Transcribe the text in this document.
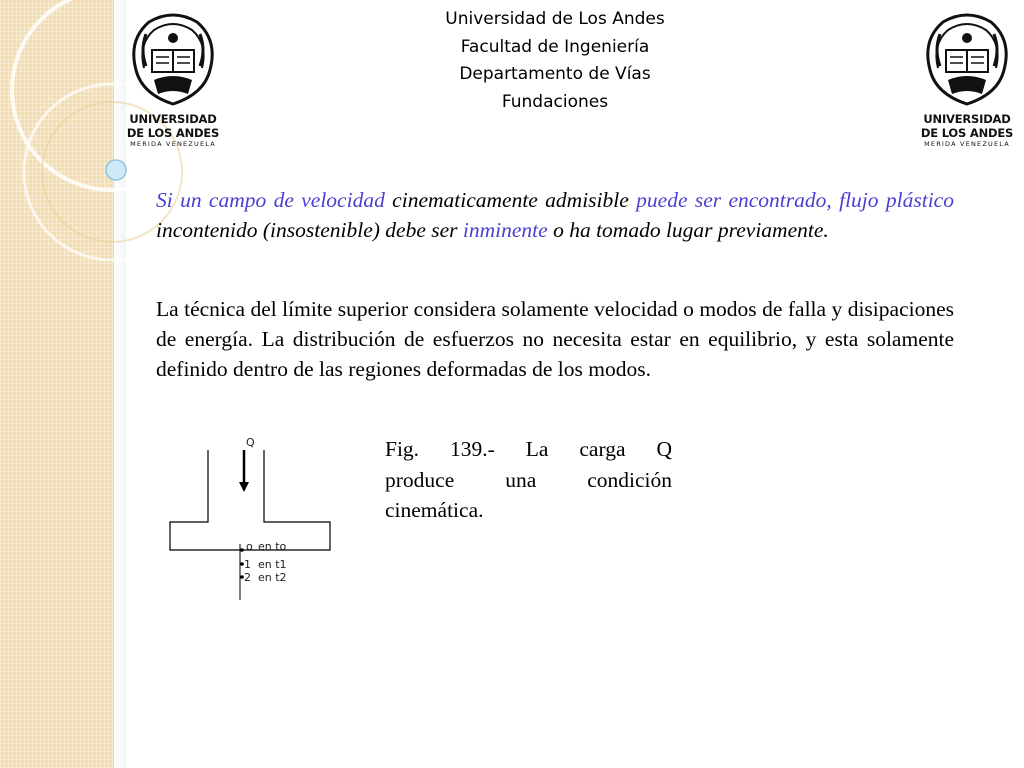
Universidad de Los Andes
Facultad de Ingeniería
Departamento de Vías
Fundaciones
UNIVERSIDAD
DE LOS ANDES
MERIDA VENEZUELA
UNIVERSIDAD
DE LOS ANDES
MERIDA VENEZUELA

Si un campo de velocidad cinematicamente admisible puede ser encontrado, flujo plástico incontenido (insostenible) debe ser inminente o ha tomado lugar previamente.

La técnica del límite superior considera solamente velocidad o modos de falla y disipaciones de energía. La distribución de esfuerzos no necesita estar en equilibrio, y esta solamente definido dentro de las regiones deformadas de los modos.

Q
o en to
1 en t1
2 en t2
Fig. 139.- La carga Q
produce una condición
cinemática.
